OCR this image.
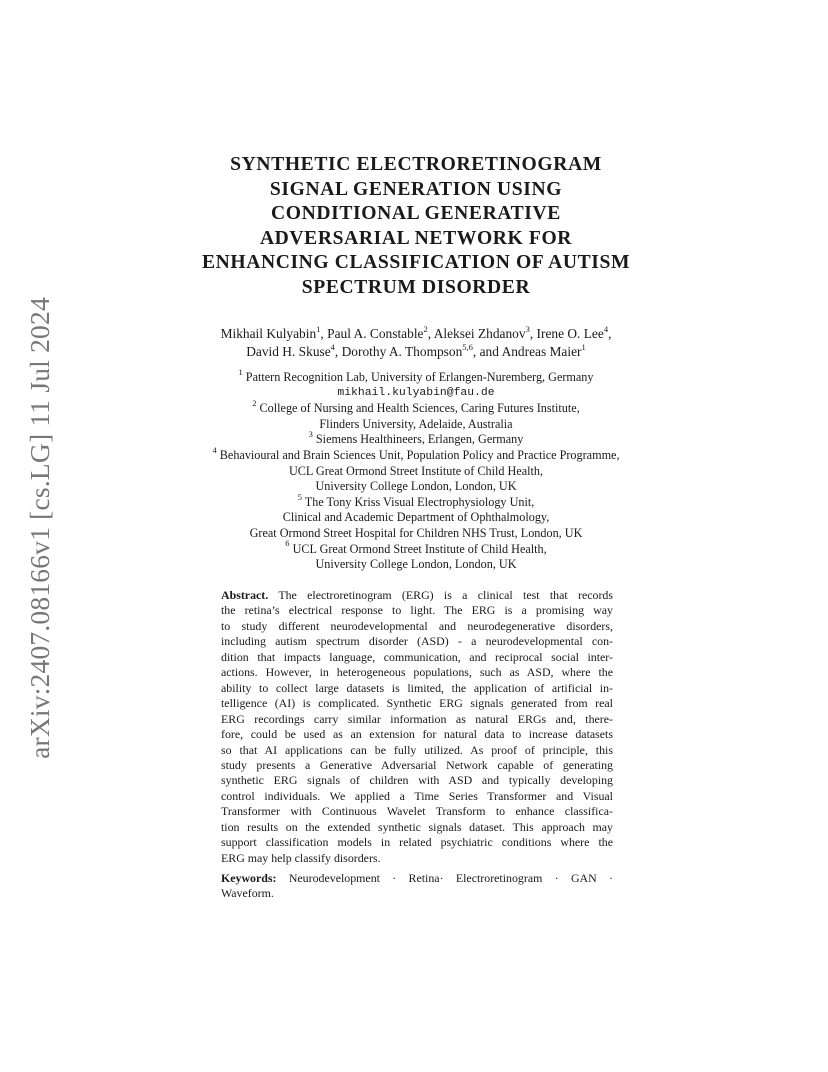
arXiv:2407.08166v1 [cs.LG] 11 Jul 2024
SYNTHETIC ELECTRORETINOGRAM
SIGNAL GENERATION USING
CONDITIONAL GENERATIVE
ADVERSARIAL NETWORK FOR
ENHANCING CLASSIFICATION OF AUTISM
SPECTRUM DISORDER
Mikhail Kulyabin$^1$, Paul A. Constable$^2$, Aleksei Zhdanov$^3$, Irene O. Lee$^4$,
David H. Skuse$^4$, Dorothy A. Thompson$^{5,6}$, and Andreas Maier$^1$
$^1$ Pattern Recognition Lab, University of Erlangen-Nuremberg, Germany
mikhail.kulyabin@fau.de
$^2$ College of Nursing and Health Sciences, Caring Futures Institute,
Flinders University, Adelaide, Australia
$^3$ Siemens Healthineers, Erlangen, Germany
$^4$ Behavioural and Brain Sciences Unit, Population Policy and Practice Programme,
UCL Great Ormond Street Institute of Child Health,
University College London, London, UK
$^5$ The Tony Kriss Visual Electrophysiology Unit,
Clinical and Academic Department of Ophthalmology,
Great Ormond Street Hospital for Children NHS Trust, London, UK
$^6$ UCL Great Ormond Street Institute of Child Health,
University College London, London, UK
Abstract. The electroretinogram (ERG) is a clinical test that records
the retina’s electrical response to light. The ERG is a promising way
to study different neurodevelopmental and neurodegenerative disorders,
including autism spectrum disorder (ASD) - a neurodevelopmental con-
dition that impacts language, communication, and reciprocal social inter-
actions. However, in heterogeneous populations, such as ASD, where the
ability to collect large datasets is limited, the application of artificial in-
telligence (AI) is complicated. Synthetic ERG signals generated from real
ERG recordings carry similar information as natural ERGs and, there-
fore, could be used as an extension for natural data to increase datasets
so that AI applications can be fully utilized. As proof of principle, this
study presents a Generative Adversarial Network capable of generating
synthetic ERG signals of children with ASD and typically developing
control individuals. We applied a Time Series Transformer and Visual
Transformer with Continuous Wavelet Transform to enhance classifica-
tion results on the extended synthetic signals dataset. This approach may
support classification models in related psychiatric conditions where the
ERG may help classify disorders.
Keywords: Neurodevelopment · Retina· Electroretinogram · GAN ·
Waveform.
